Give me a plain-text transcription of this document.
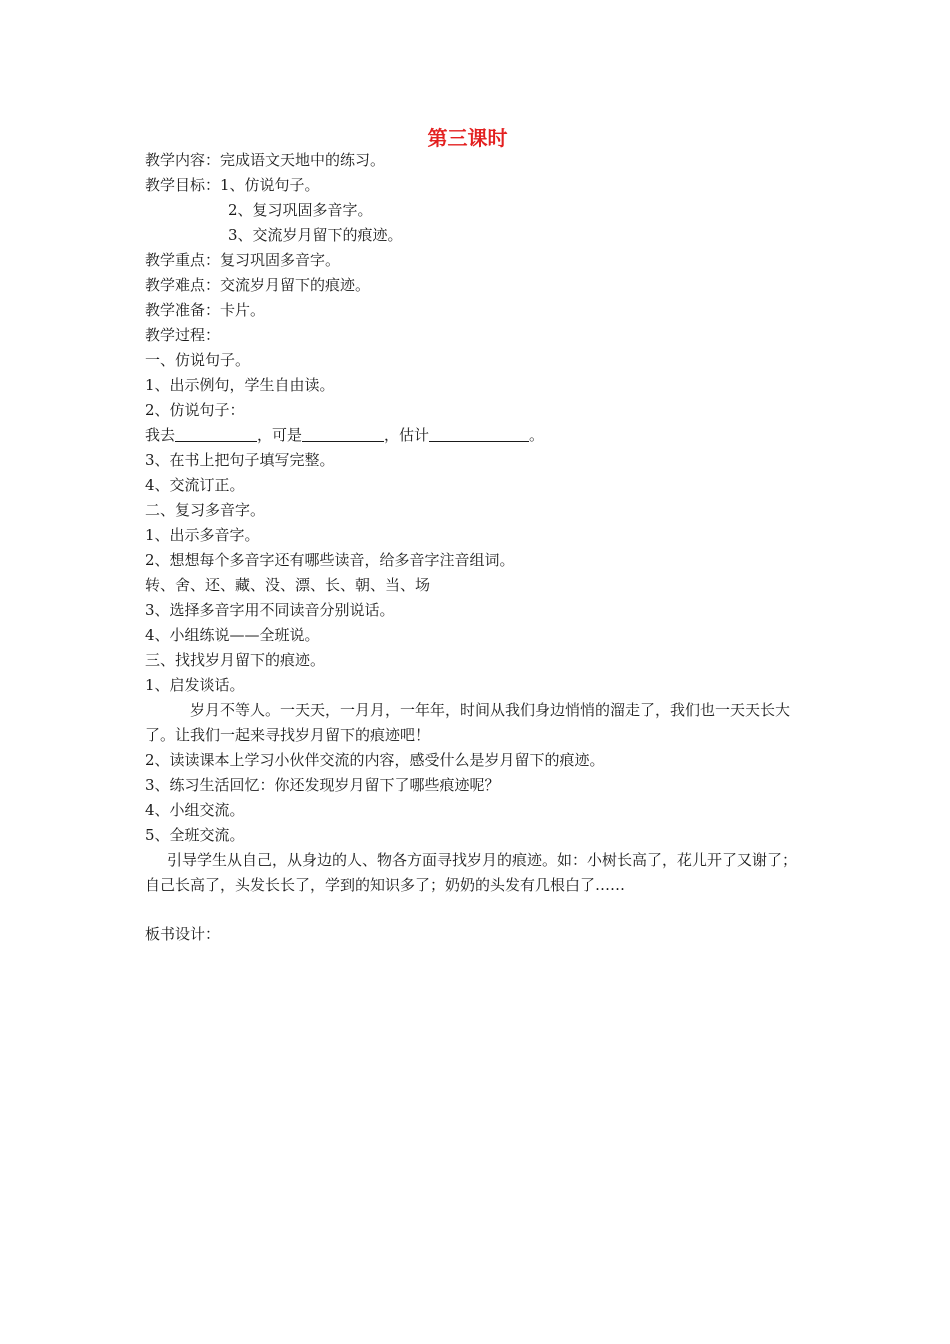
第三课时
教学内容：完成语文天地中的练习。
教学目标：1、仿说句子。
2、复习巩固多音字。
3、交流岁月留下的痕迹。
教学重点：复习巩固多音字。
教学难点：交流岁月留下的痕迹。
教学准备：卡片。
教学过程：
一、仿说句子。
1、出示例句，学生自由读。
2、仿说句子：
我去	，可是	，估计	。
3、在书上把句子填写完整。
4、交流订正。
二、复习多音字。
1、出示多音字。
2、想想每个多音字还有哪些读音，给多音字注音组词。
转、舍、还、藏、没、漂、长、朝、当、场
3、选择多音字用不同读音分别说话。
4、小组练说——全班说。
三、找找岁月留下的痕迹。
1、启发谈话。
岁月不等人。一天天，一月月，一年年，时间从我们身边悄悄的溜走了，我们也一天天长大了。让我们一起来寻找岁月留下的痕迹吧！
2、读读课本上学习小伙伴交流的内容，感受什么是岁月留下的痕迹。
3、练习生活回忆：你还发现岁月留下了哪些痕迹呢？
4、小组交流。
5、全班交流。
引导学生从自己，从身边的人、物各方面寻找岁月的痕迹。如：小树长高了，花儿开了又谢了；自己长高了，头发长长了，学到的知识多了；奶奶的头发有几根白了……
板书设计：
